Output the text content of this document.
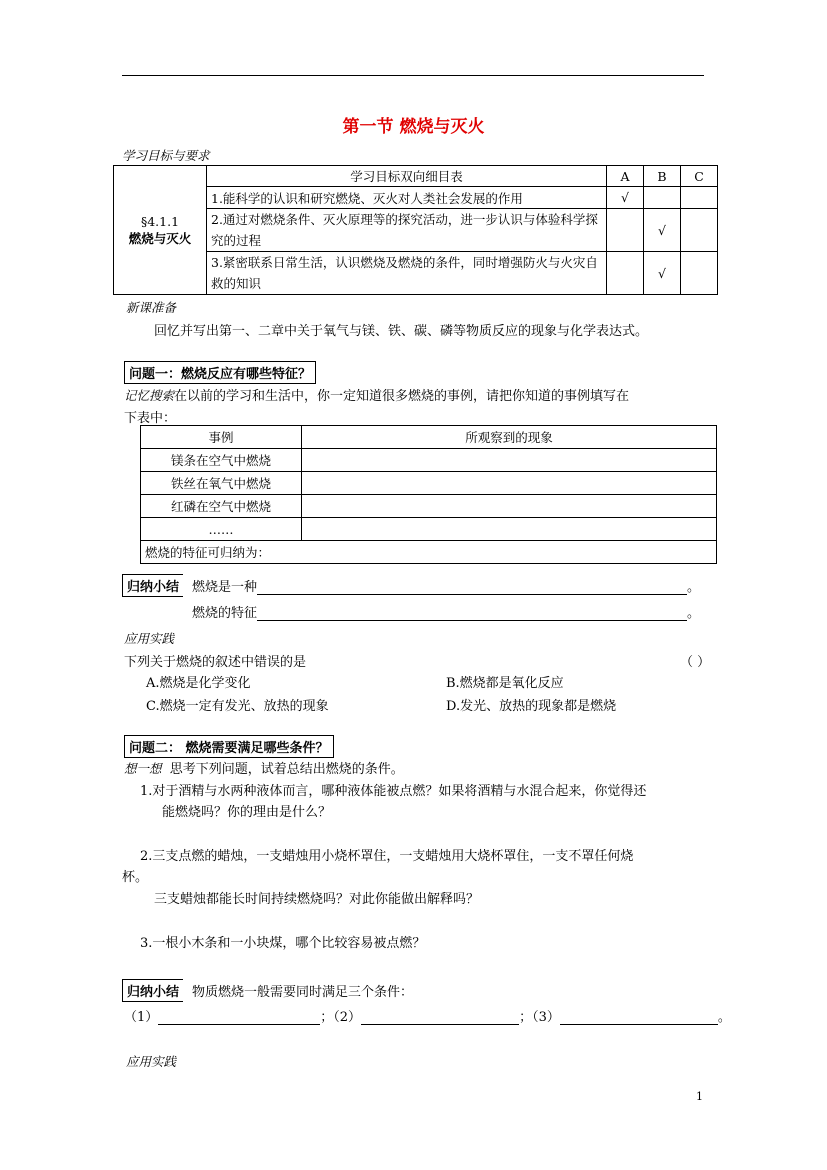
第一节 燃烧与灭火
学习目标与要求
§4.1.1
燃烧与灭火	学习目标双向细目表	A	B	C
	1.能科学的认识和研究燃烧、灭火对人类社会发展的作用	√		
	2.通过对燃烧条件、灭火原理等的探究活动，进一步认识与体验科学探究的过程		√	
	3.紧密联系日常生活，认识燃烧及燃烧的条件，同时增强防火与火灾自救的知识		√	
新课准备
回忆并写出第一、二章中关于氧气与镁、铁、碳、磷等物质反应的现象与化学表达式。
问题一：燃烧反应有哪些特征？
记忆搜索在以前的学习和生活中，你一定知道很多燃烧的事例，请把你知道的事例填写在
下表中：
事例	所观察到的现象
镁条在空气中燃烧	
铁丝在氧气中燃烧	
红磷在空气中燃烧	
……	
燃烧的特征可归纳为：	
归纳小结 燃烧是一种	。
燃烧的特征	。
应用实践
下列关于燃烧的叙述中错误的是	（ ）
A.燃烧是化学变化	B.燃烧都是氧化反应
C.燃烧一定有发光、放热的现象	D.发光、放热的现象都是燃烧
问题二： 燃烧需要满足哪些条件？
想一想 思考下列问题，试着总结出燃烧的条件。
1.对于酒精与水两种液体而言，哪种液体能被点燃？如果将酒精与水混合起来，你觉得还
能燃烧吗？你的理由是什么？
2.三支点燃的蜡烛，一支蜡烛用小烧杯罩住，一支蜡烛用大烧杯罩住，一支不罩任何烧
杯。
三支蜡烛都能长时间持续燃烧吗？对此你能做出解释吗？
3.一根小木条和一小块煤，哪个比较容易被点燃？
归纳小结 物质燃烧一般需要同时满足三个条件：
（1）	；（2）	；（3）	。
应用实践
1
